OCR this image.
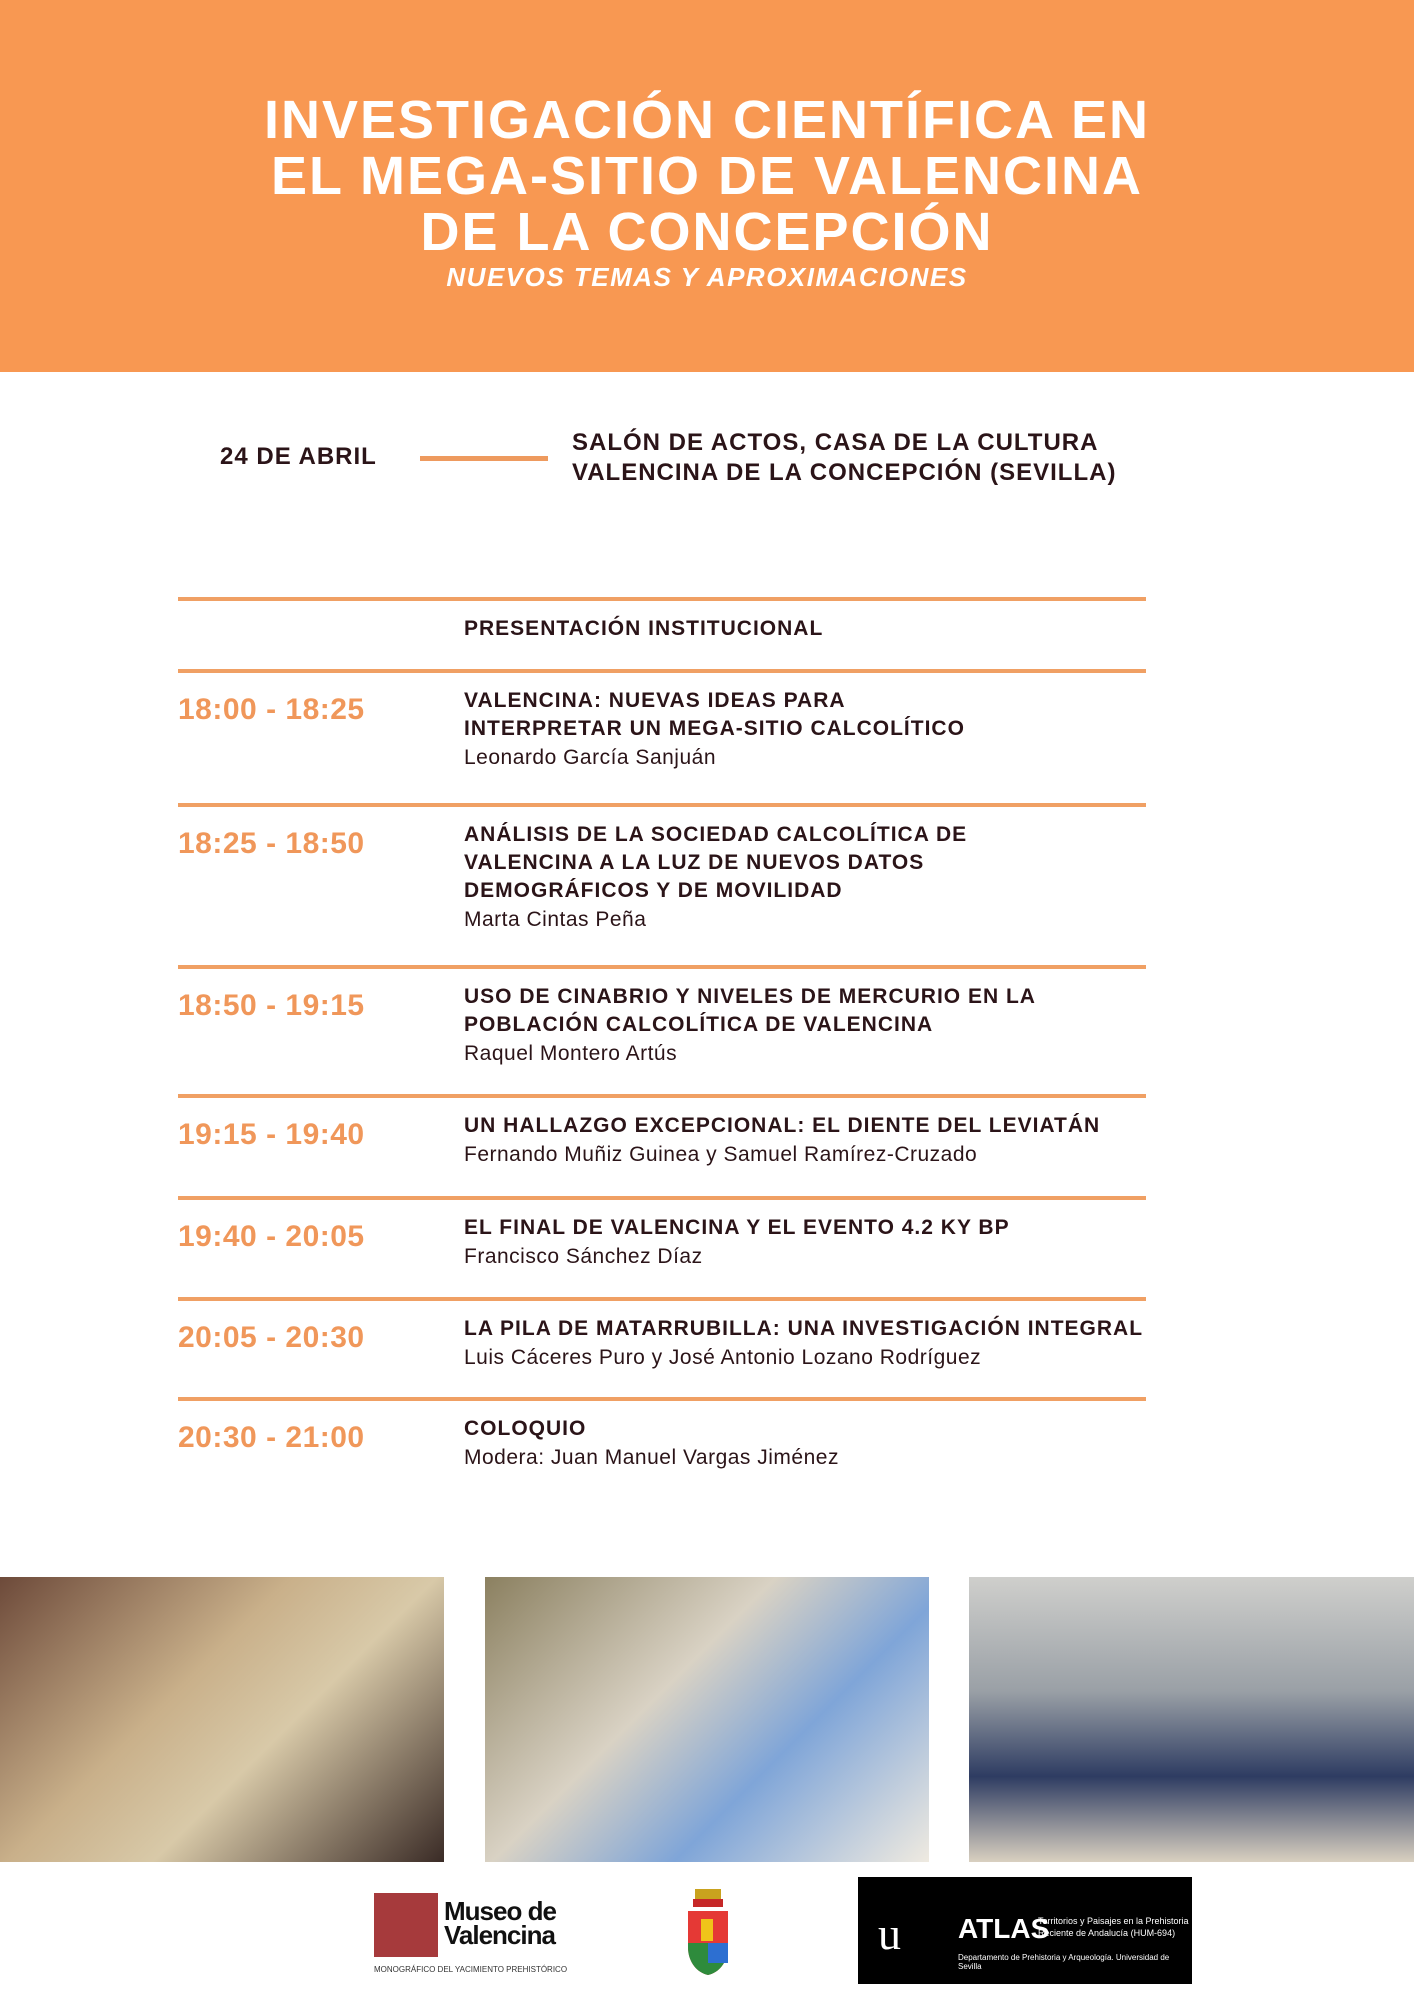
INVESTIGACIÓN CIENTÍFICA EN
EL MEGA-SITIO DE VALENCINA
DE LA CONCEPCIÓN
NUEVOS TEMAS Y APROXIMACIONES
24 DE ABRIL
SALÓN DE ACTOS, CASA DE LA CULTURA
VALENCINA DE LA CONCEPCIÓN (SEVILLA)
PRESENTACIÓN INSTITUCIONAL
18:00 - 18:25	VALENCINA: NUEVAS IDEAS PARA
INTERPRETAR UN MEGA-SITIO CALCOLÍTICO
Leonardo García Sanjuán
18:25 - 18:50	ANÁLISIS DE LA SOCIEDAD CALCOLÍTICA DE
VALENCINA A LA LUZ DE NUEVOS DATOS
DEMOGRÁFICOS Y DE MOVILIDAD
Marta Cintas Peña
18:50 - 19:15	USO DE CINABRIO Y NIVELES DE MERCURIO EN LA
POBLACIÓN CALCOLÍTICA DE VALENCINA
Raquel Montero Artús
19:15 - 19:40	UN HALLAZGO EXCEPCIONAL: EL DIENTE DEL LEVIATÁN
Fernando Muñiz Guinea y Samuel Ramírez-Cruzado
19:40 - 20:05	EL FINAL DE VALENCINA Y EL EVENTO 4.2 KY BP
Francisco Sánchez Díaz
20:05 - 20:30	LA PILA DE MATARRUBILLA: UNA INVESTIGACIÓN INTEGRAL
Luis Cáceres Puro y José Antonio Lozano Rodríguez
20:30 - 21:00	COLOQUIO
Modera: Juan Manuel Vargas Jiménez
Museo de Valencina
MONOGRÁFICO DEL YACIMIENTO PREHISTÓRICO
u ATLAS
Territorios y Paisajes en la Prehistoria Reciente de Andalucía (HUM-694)
Departamento de Prehistoria y Arqueología. Universidad de Sevilla
